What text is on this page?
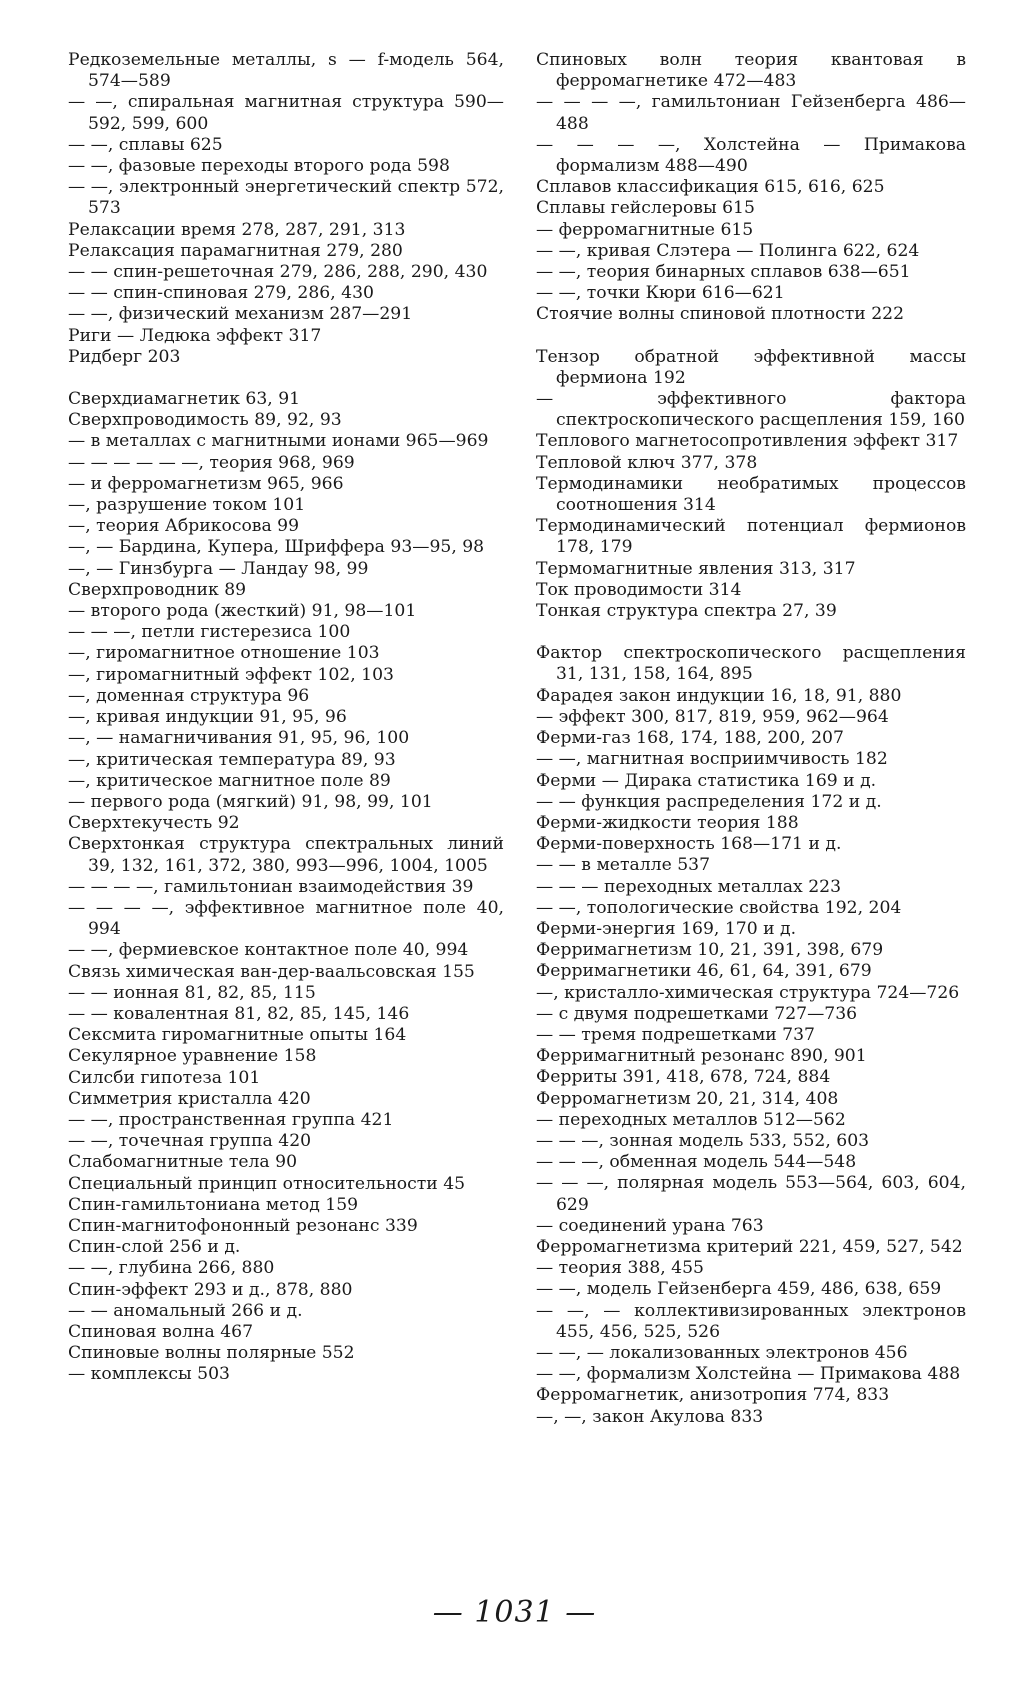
Редкоземельные металлы, s — f-модель 564, 574—589

— —, спиральная магнитная структура 590—592, 599, 600

— —, сплавы 625

— —, фазовые переходы второго рода 598

— —, электронный энергетический спектр 572, 573

Релаксации время 278, 287, 291, 313

Релаксация парамагнитная 279, 280

— — спин-решеточная 279, 286, 288, 290, 430

— — спин-спиновая 279, 286, 430

— —, физический механизм 287—291

Риги — Ледюка эффект 317

Ридберг 203

Сверхдиамагнетик 63, 91

Сверхпроводимость 89, 92, 93

— в металлах с магнитными ионами 965—969

— — — — — —, теория 968, 969

— и ферромагнетизм 965, 966

—, разрушение током 101

—, теория Абрикосова 99

—, — Бардина, Купера, Шриффера 93—95, 98

—, — Гинзбурга — Ландау 98, 99

Сверхпроводник 89

— второго рода (жесткий) 91, 98—101

— — —, петли гистерезиса 100

—, гиромагнитное отношение 103

—, гиромагнитный эффект 102, 103

—, доменная структура 96

—, кривая индукции 91, 95, 96

—, — намагничивания 91, 95, 96, 100

—, критическая температура 89, 93

—, критическое магнитное поле 89

— первого рода (мягкий) 91, 98, 99, 101

Сверхтекучесть 92

Сверхтонкая структура спектральных линий 39, 132, 161, 372, 380, 993—996, 1004, 1005

— — — —, гамильтониан взаимодействия 39

— — — —, эффективное магнитное поле 40, 994

— —, фермиевское контактное поле 40, 994

Связь химическая ван-дер-ваальсовская 155

— — ионная 81, 82, 85, 115

— — ковалентная 81, 82, 85, 145, 146

Сексмита гиромагнитные опыты 164

Секулярное уравнение 158

Силсби гипотеза 101

Симметрия кристалла 420

— —, пространственная группа 421

— —, точечная группа 420

Слабомагнитные тела 90

Специальный принцип относительности 45

Спин-гамильтониана метод 159

Спин-магнитофононный резонанс 339

Спин-слой 256 и д.

— —, глубина 266, 880

Спин-эффект 293 и д., 878, 880

— — аномальный 266 и д.

Спиновая волна 467

Спиновые волны полярные 552

— комплексы 503

Спиновых волн теория квантовая в ферромагнетике 472—483

— — — —, гамильтониан Гейзенберга 486—488

— — — —, Холстейна — Примакова формализм 488—490

Сплавов классификация 615, 616, 625

Сплавы гейслеровы 615

— ферромагнитные 615

— —, кривая Слэтера — Полинга 622, 624

— —, теория бинарных сплавов 638—651

— —, точки Кюри 616—621

Стоячие волны спиновой плотности 222

Тензор обратной эффективной массы фермиона 192

— эффективного фактора спектроскопического расщепления 159, 160

Теплового магнетосопротивления эффект 317

Тепловой ключ 377, 378

Термодинамики необратимых процессов соотношения 314

Термодинамический потенциал фермионов 178, 179

Термомагнитные явления 313, 317

Ток проводимости 314

Тонкая структура спектра 27, 39

Фактор спектроскопического расщепления 31, 131, 158, 164, 895

Фарадея закон индукции 16, 18, 91, 880

— эффект 300, 817, 819, 959, 962—964

Ферми-газ 168, 174, 188, 200, 207

— —, магнитная восприимчивость 182

Ферми — Дирака статистика 169 и д.

— — функция распределения 172 и д.

Ферми-жидкости теория 188

Ферми-поверхность 168—171 и д.

— — в металле 537

— — — переходных металлах 223

— —, топологические свойства 192, 204

Ферми-энергия 169, 170 и д.

Ферримагнетизм 10, 21, 391, 398, 679

Ферримагнетики 46, 61, 64, 391, 679

—, кристалло-химическая структура 724—726

— с двумя подрешетками 727—736

— — тремя подрешетками 737

Ферримагнитный резонанс 890, 901

Ферриты 391, 418, 678, 724, 884

Ферромагнетизм 20, 21, 314, 408

— переходных металлов 512—562

— — —, зонная модель 533, 552, 603

— — —, обменная модель 544—548

— — —, полярная модель 553—564, 603, 604, 629

— соединений урана 763

Ферромагнетизма критерий 221, 459, 527, 542

— теория 388, 455

— —, модель Гейзенберга 459, 486, 638, 659

— —, — коллективизированных электронов 455, 456, 525, 526

— —, — локализованных электронов 456

— —, формализм Холстейна — Примакова 488

Ферромагнетик, анизотропия 774, 833

—, —, закон Акулова 833

— 1031 —
